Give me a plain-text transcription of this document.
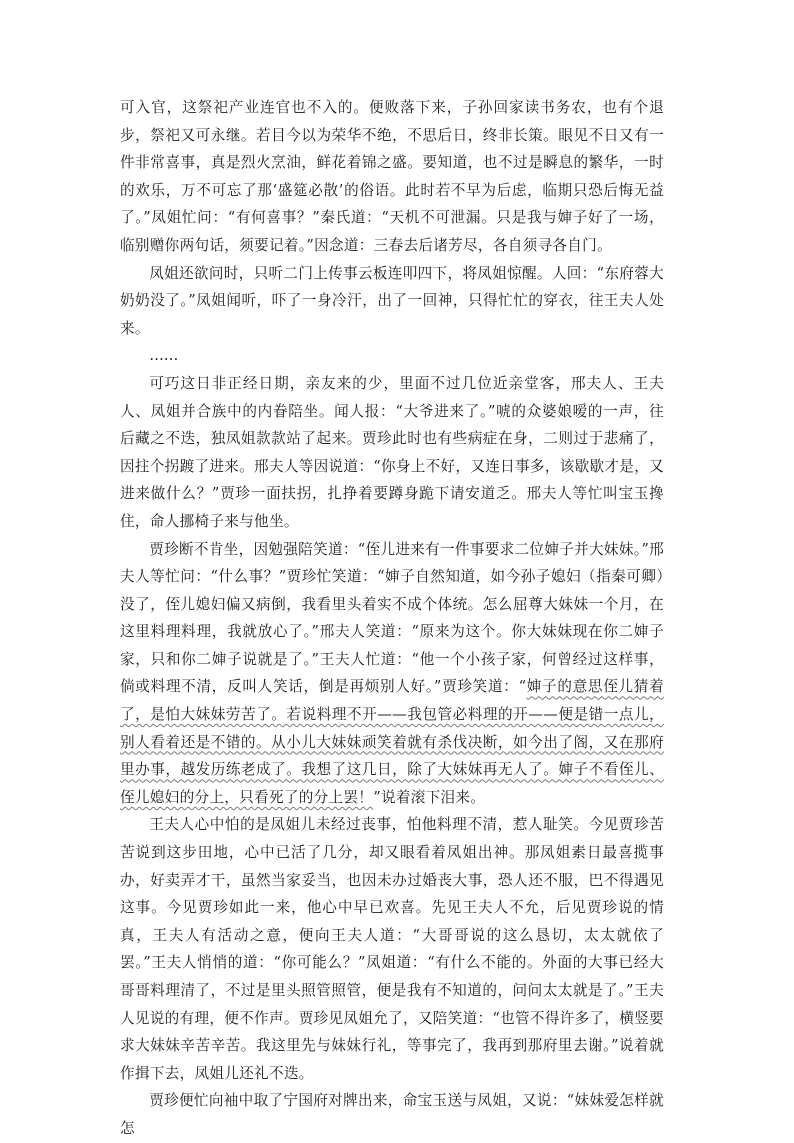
可入官，这祭祀产业连官也不入的。便败落下来，子孙回家读书务农，也有个退步，祭祀又可永继。若目今以为荣华不绝，不思后日，终非长策。眼见不日又有一件非常喜事，真是烈火烹油，鲜花着锦之盛。要知道，也不过是瞬息的繁华，一时的欢乐，万不可忘了那‘盛筵必散’的俗语。此时若不早为后虑，临期只恐后悔无益了。”凤姐忙问：“有何喜事？”秦氏道：“天机不可泄漏。只是我与婶子好了一场，临别赠你两句话，须要记着。”因念道：三春去后诸芳尽，各自须寻各自门。

凤姐还欲问时，只听二门上传事云板连叩四下，将凤姐惊醒。人回：“东府蓉大奶奶没了。”凤姐闻听，吓了一身冷汗，出了一回神，只得忙忙的穿衣，往王夫人处来。

……

可巧这日非正经日期，亲友来的少，里面不过几位近亲堂客，邢夫人、王夫人、凤姐并合族中的内眷陪坐。闻人报：“大爷进来了。”唬的众婆娘嗳的一声，往后藏之不迭，独凤姐款款站了起来。贾珍此时也有些病症在身，二则过于悲痛了，因拄个拐踱了进来。邢夫人等因说道：“你身上不好，又连日事多，该歇歇才是，又进来做什么？”贾珍一面扶拐，扎挣着要蹲身跪下请安道乏。邢夫人等忙叫宝玉搀住，命人挪椅子来与他坐。

贾珍断不肯坐，因勉强陪笑道：“侄儿进来有一件事要求二位婶子并大妹妹。”邢夫人等忙问：“什么事？”贾珍忙笑道：“婶子自然知道，如今孙子媳妇（指秦可卿）没了，侄儿媳妇偏又病倒，我看里头着实不成个体统。怎么屈尊大妹妹一个月，在这里料理料理，我就放心了。”邢夫人笑道：“原来为这个。你大妹妹现在你二婶子家，只和你二婶子说就是了。”王夫人忙道：“他一个小孩子家，何曾经过这样事，倘或料理不清，反叫人笑话，倒是再烦别人好。”贾珍笑道：“婶子的意思侄儿猜着了，是怕大妹妹劳苦了。若说料理不开——我包管必料理的开——便是错一点儿，别人看着还是不错的。从小儿大妹妹顽笑着就有杀伐决断，如今出了阁，又在那府里办事，越发历练老成了。我想了这几日，除了大妹妹再无人了。婶子不看侄儿、侄儿媳妇的分上，只看死了的分上罢！”说着滚下泪来。

王夫人心中怕的是凤姐儿未经过丧事，怕他料理不清，惹人耻笑。今见贾珍苦苦说到这步田地，心中已活了几分，却又眼看着凤姐出神。那凤姐素日最喜揽事办，好卖弄才干，虽然当家妥当，也因未办过婚丧大事，恐人还不服，巴不得遇见这事。今见贾珍如此一来，他心中早已欢喜。先见王夫人不允，后见贾珍说的情真，王夫人有活动之意，便向王夫人道：“大哥哥说的这么恳切，太太就依了罢。”王夫人悄悄的道：“你可能么？”凤姐道：“有什么不能的。外面的大事已经大哥哥料理清了，不过是里头照管照管，便是我有不知道的，问问太太就是了。”王夫人见说的有理，便不作声。贾珍见凤姐允了，又陪笑道：“也管不得许多了，横竖要求大妹妹辛苦辛苦。我这里先与妹妹行礼，等事完了，我再到那府里去谢。”说着就作揖下去，凤姐儿还礼不迭。

贾珍便忙向袖中取了宁国府对牌出来，命宝玉送与凤姐，又说：“妹妹爱怎样就怎
